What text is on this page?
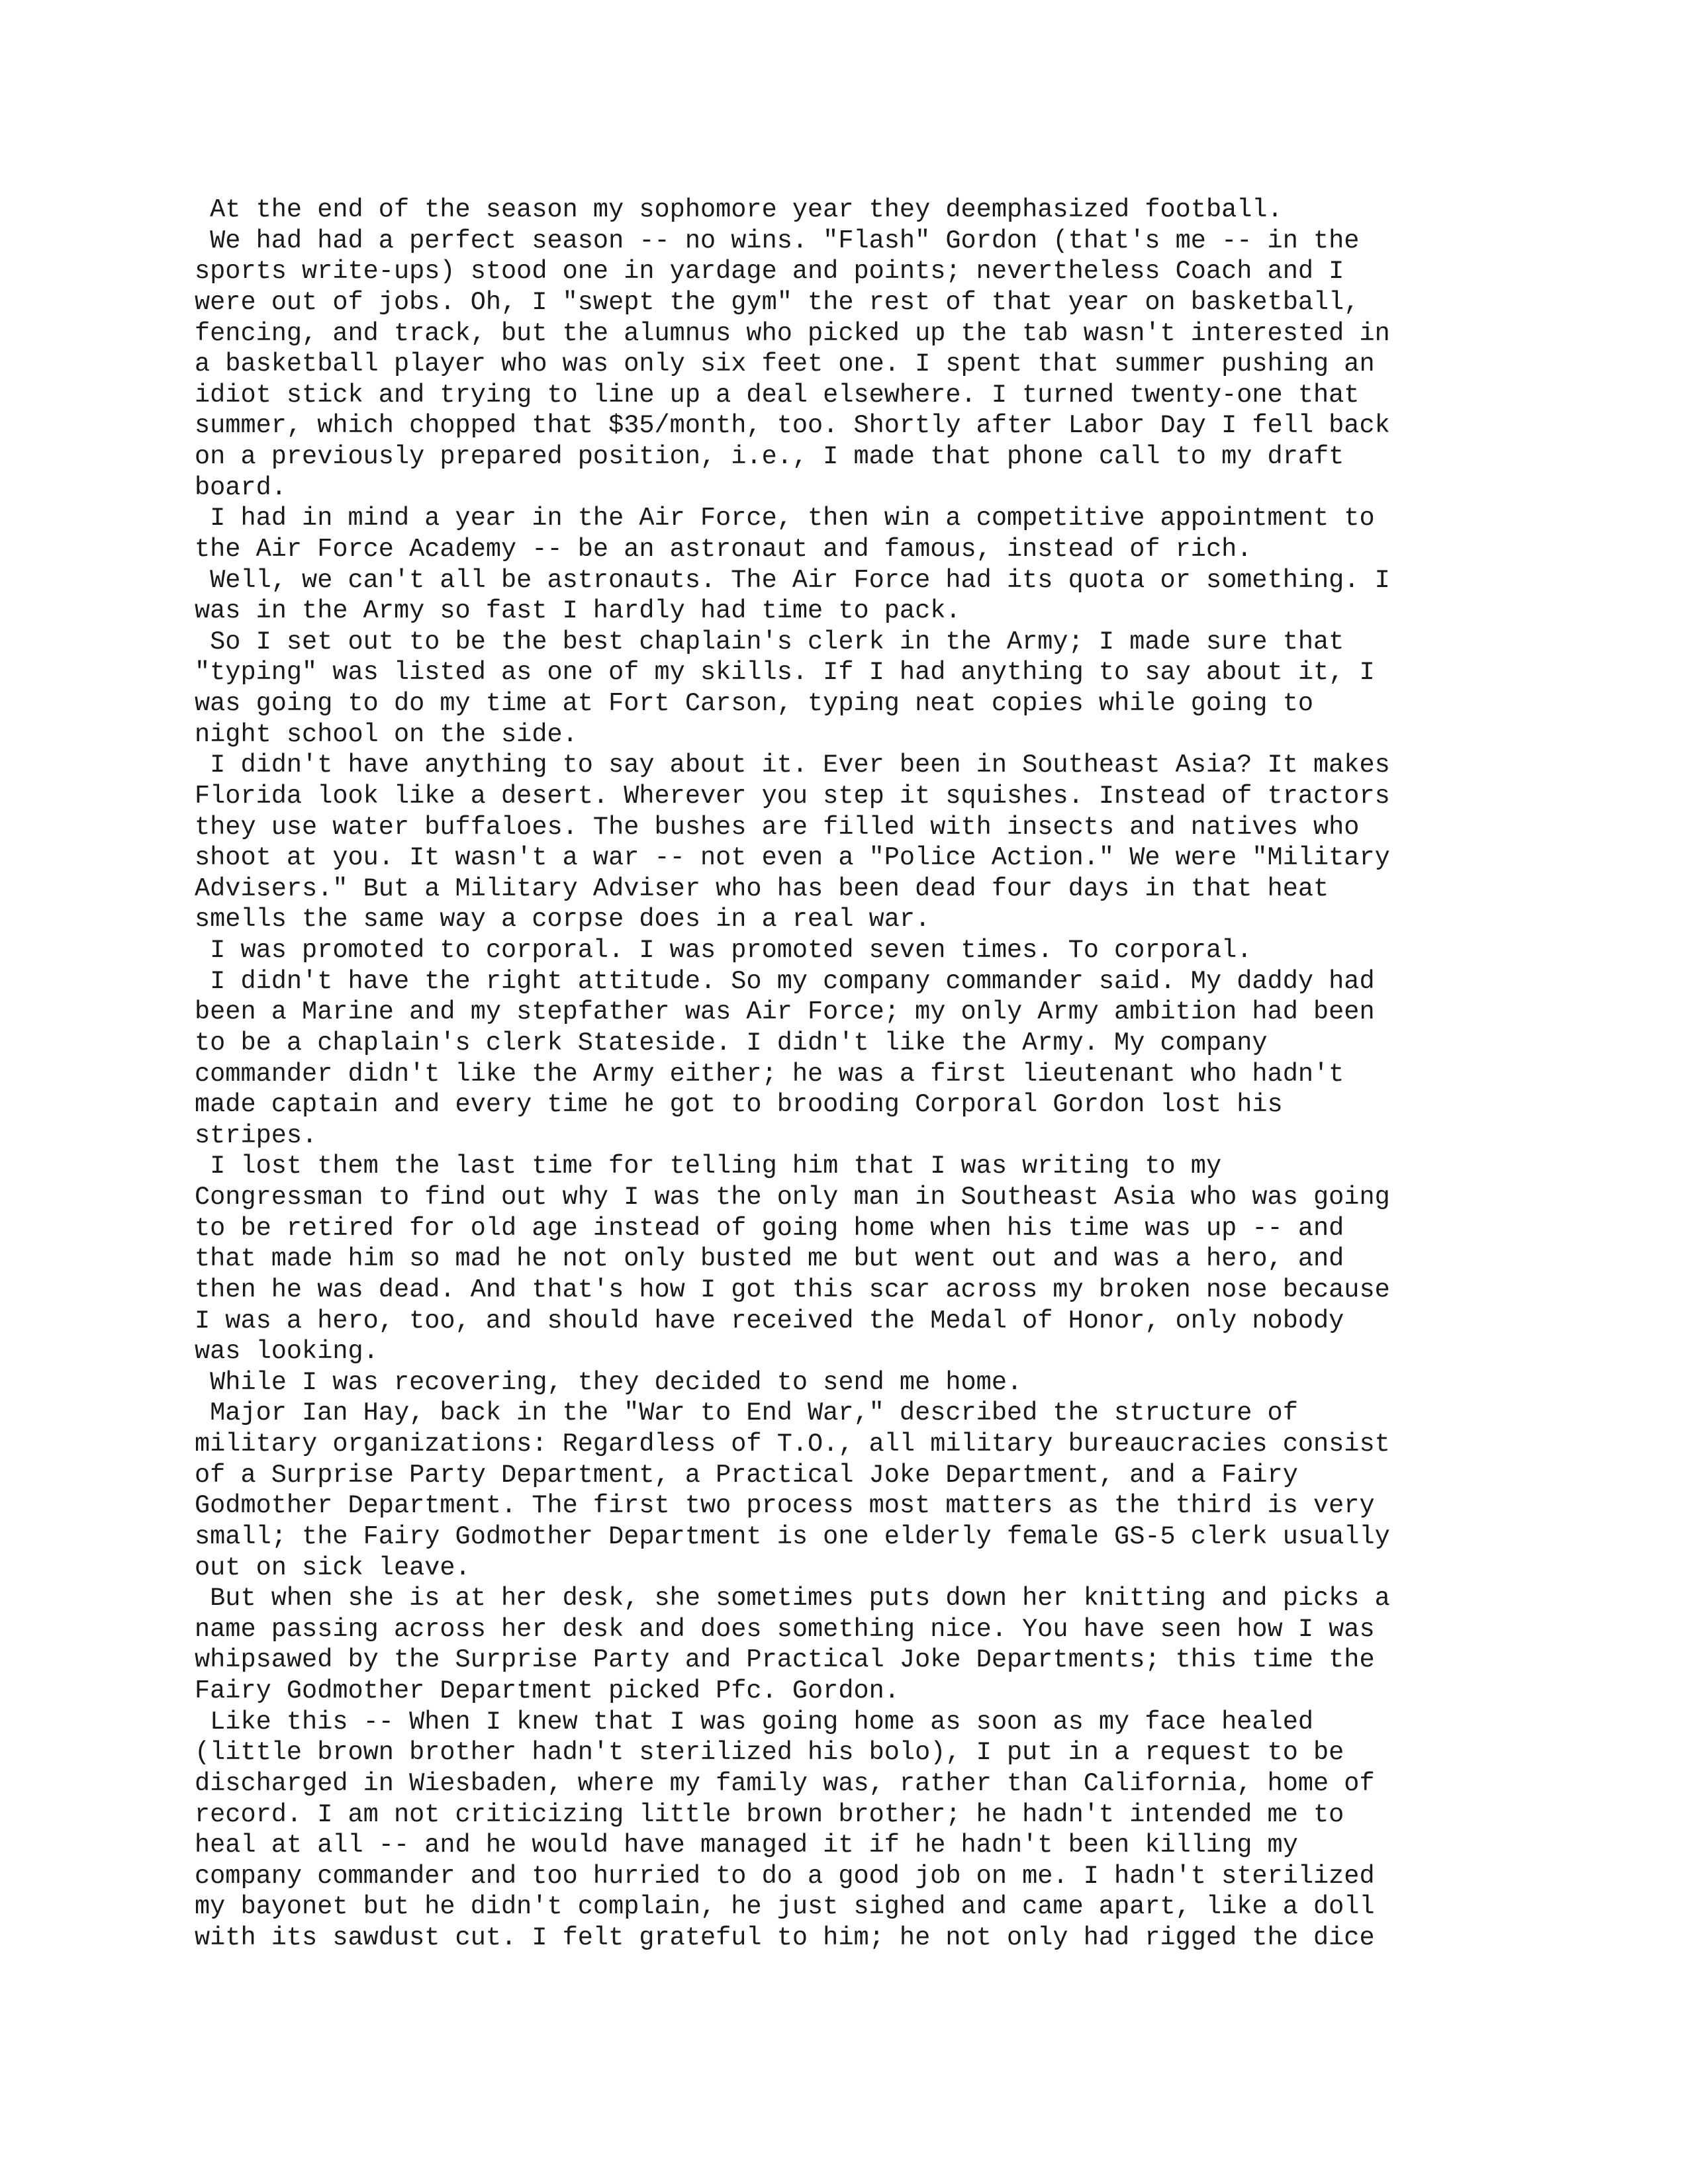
At the end of the season my sophomore year they deemphasized football.
We had had a perfect season -- no wins. "Flash" Gordon (that's me -- in the
sports write-ups) stood one in yardage and points; nevertheless Coach and I
were out of jobs. Oh, I "swept the gym" the rest of that year on basketball,
fencing, and track, but the alumnus who picked up the tab wasn't interested in
a basketball player who was only six feet one. I spent that summer pushing an
idiot stick and trying to line up a deal elsewhere. I turned twenty-one that
summer, which chopped that $35/month, too. Shortly after Labor Day I fell back
on a previously prepared position, i.e., I made that phone call to my draft
board.
I had in mind a year in the Air Force, then win a competitive appointment to
the Air Force Academy -- be an astronaut and famous, instead of rich.
Well, we can't all be astronauts. The Air Force had its quota or something. I
was in the Army so fast I hardly had time to pack.
So I set out to be the best chaplain's clerk in the Army; I made sure that
"typing" was listed as one of my skills. If I had anything to say about it, I
was going to do my time at Fort Carson, typing neat copies while going to
night school on the side.
I didn't have anything to say about it. Ever been in Southeast Asia? It makes
Florida look like a desert. Wherever you step it squishes. Instead of tractors
they use water buffaloes. The bushes are filled with insects and natives who
shoot at you. It wasn't a war -- not even a "Police Action." We were "Military
Advisers." But a Military Adviser who has been dead four days in that heat
smells the same way a corpse does in a real war.
I was promoted to corporal. I was promoted seven times. To corporal.
I didn't have the right attitude. So my company commander said. My daddy had
been a Marine and my stepfather was Air Force; my only Army ambition had been
to be a chaplain's clerk Stateside. I didn't like the Army. My company
commander didn't like the Army either; he was a first lieutenant who hadn't
made captain and every time he got to brooding Corporal Gordon lost his
stripes.
I lost them the last time for telling him that I was writing to my
Congressman to find out why I was the only man in Southeast Asia who was going
to be retired for old age instead of going home when his time was up -- and
that made him so mad he not only busted me but went out and was a hero, and
then he was dead. And that's how I got this scar across my broken nose because
I was a hero, too, and should have received the Medal of Honor, only nobody
was looking.
While I was recovering, they decided to send me home.
Major Ian Hay, back in the "War to End War," described the structure of
military organizations: Regardless of T.O., all military bureaucracies consist
of a Surprise Party Department, a Practical Joke Department, and a Fairy
Godmother Department. The first two process most matters as the third is very
small; the Fairy Godmother Department is one elderly female GS-5 clerk usually
out on sick leave.
But when she is at her desk, she sometimes puts down her knitting and picks a
name passing across her desk and does something nice. You have seen how I was
whipsawed by the Surprise Party and Practical Joke Departments; this time the
Fairy Godmother Department picked Pfc. Gordon.
Like this -- When I knew that I was going home as soon as my face healed
(little brown brother hadn't sterilized his bolo), I put in a request to be
discharged in Wiesbaden, where my family was, rather than California, home of
record. I am not criticizing little brown brother; he hadn't intended me to
heal at all -- and he would have managed it if he hadn't been killing my
company commander and too hurried to do a good job on me. I hadn't sterilized
my bayonet but he didn't complain, he just sighed and came apart, like a doll
with its sawdust cut. I felt grateful to him; he not only had rigged the dice
